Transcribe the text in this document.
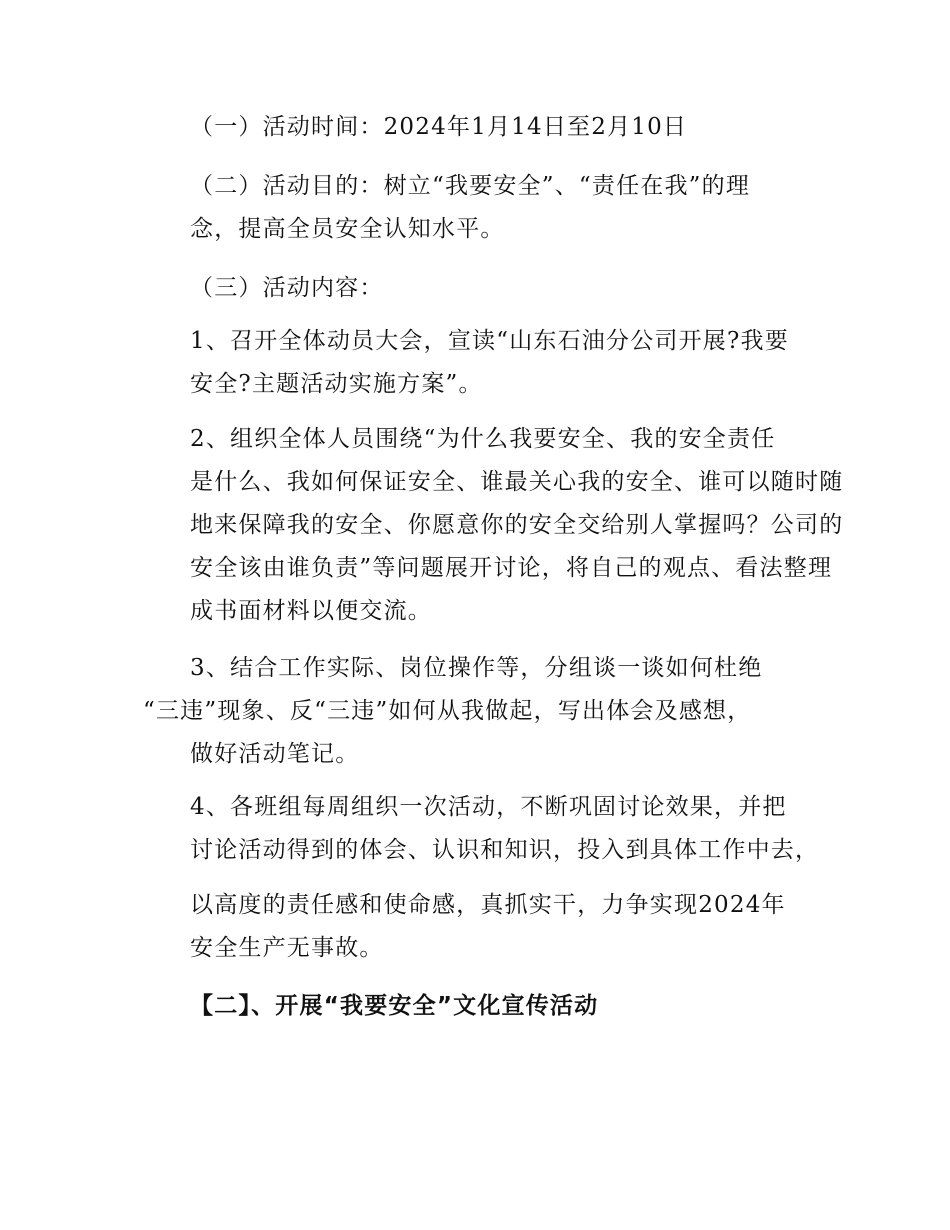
（一）活动时间：2024年1月14日至2月10日

（二）活动目的：树立“我要安全”、“责任在我”的理
念，提高全员安全认知水平。

（三）活动内容：

1、召开全体动员大会，宣读“山东石油分公司开展?我要
安全?主题活动实施方案”。

2、组织全体人员围绕“为什么我要安全、我的安全责任
是什么、我如何保证安全、谁最关心我的安全、谁可以随时随
地来保障我的安全、你愿意你的安全交给别人掌握吗？公司的
安全该由谁负责”等问题展开讨论，将自己的观点、看法整理
成书面材料以便交流。

3、结合工作实际、岗位操作等，分组谈一谈如何杜绝
“三违”现象、反“三违”如何从我做起，写出体会及感想，
做好活动笔记。

4、各班组每周组织一次活动，不断巩固讨论效果，并把
讨论活动得到的体会、认识和知识，投入到具体工作中去，

以高度的责任感和使命感，真抓实干，力争实现2024年
安全生产无事故。

【二】、开展“我要安全”文化宣传活动
